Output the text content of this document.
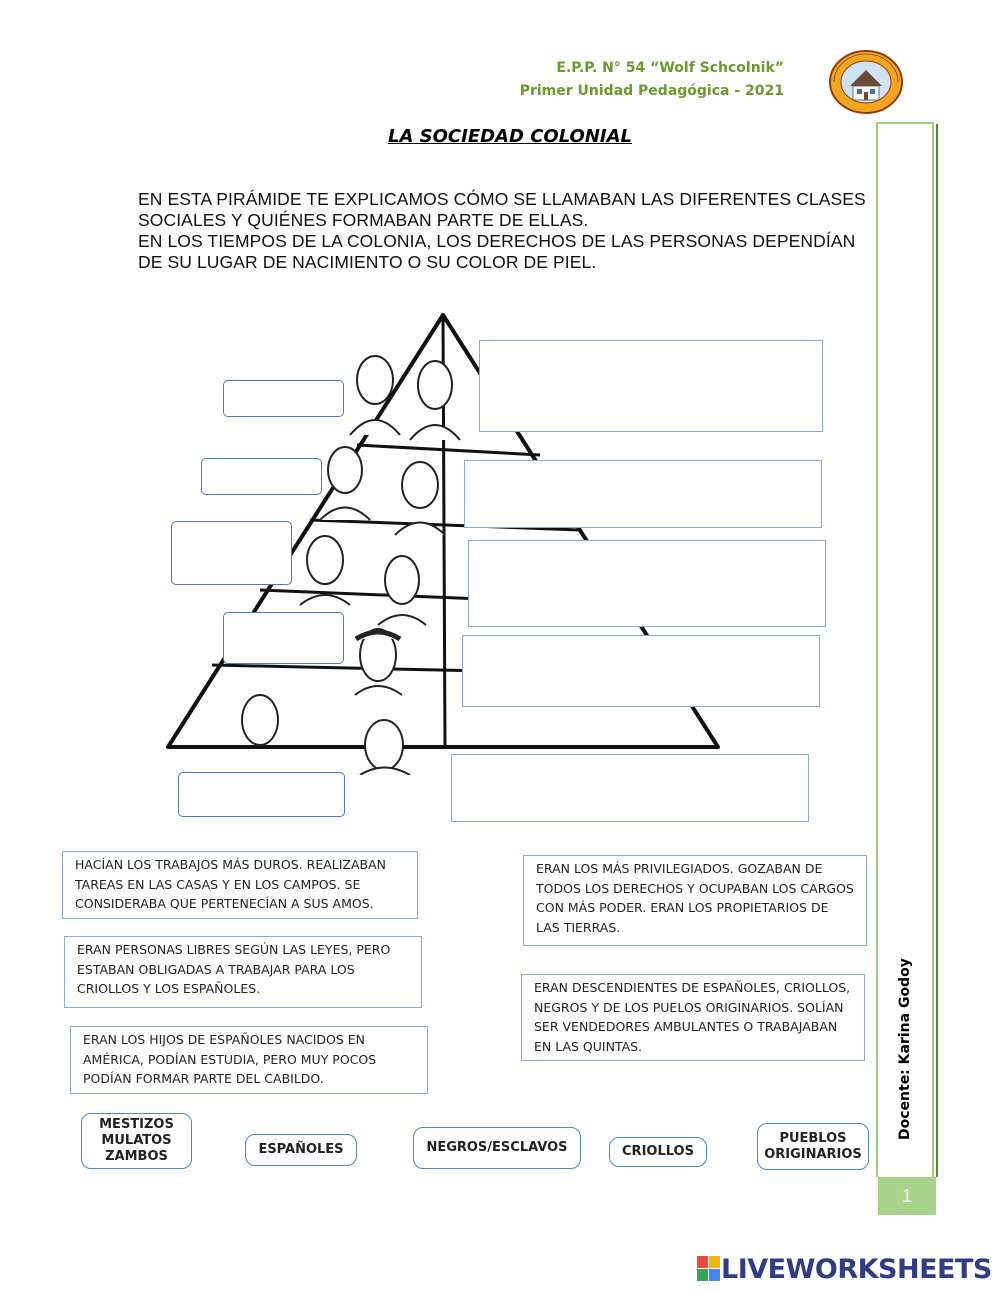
E.P.P. N° 54 “Wolf Schcolnik”
Primer Unidad Pedagógica - 2021
Docente: Karina Godoy
1
LA SOCIEDAD COLONIAL

EN ESTA PIRÁMIDE TE EXPLICAMOS CÓMO SE LLAMABAN LAS DIFERENTES CLASES SOCIALES Y QUIÉNES FORMABAN PARTE DE ELLAS.

EN LOS TIEMPOS DE LA COLONIA, LOS DERECHOS DE LAS PERSONAS DEPENDÍAN DE SU LUGAR DE NACIMIENTO O SU COLOR DE PIEL.

HACÍAN LOS TRABAJOS MÁS DUROS. REALIZABAN TAREAS EN LAS CASAS Y EN LOS CAMPOS. SE CONSIDERABA QUE PERTENECÍAN A SUS AMOS.
ERAN PERSONAS LIBRES SEGÚN LAS LEYES, PERO ESTABAN OBLIGADAS A TRABAJAR PARA LOS CRIOLLOS Y LOS ESPAÑOLES.
ERAN LOS HIJOS DE ESPAÑOLES NACIDOS EN AMÉRICA, PODÍAN ESTUDIA, PERO MUY POCOS PODÍAN FORMAR PARTE DEL CABILDO.
ERAN LOS MÁS PRIVILEGIADOS. GOZABAN DE TODOS LOS DERECHOS Y OCUPABAN LOS CARGOS CON MÁS PODER. ERAN LOS PROPIETARIOS DE LAS TIERRAS.
ERAN DESCENDIENTES DE ESPAÑOLES, CRIOLLOS, NEGROS Y DE LOS PUELOS ORIGINARIOS. SOLÍAN SER VENDEDORES AMBULANTES O TRABAJABAN EN LAS QUINTAS.
MESTIZOS
MULATOS
ZAMBOS	ESPAÑOLES	NEGROS/ESCLAVOS	CRIOLLOS
PUEBLOS
ORIGINARIOS
LIVEWORKSHEETS
